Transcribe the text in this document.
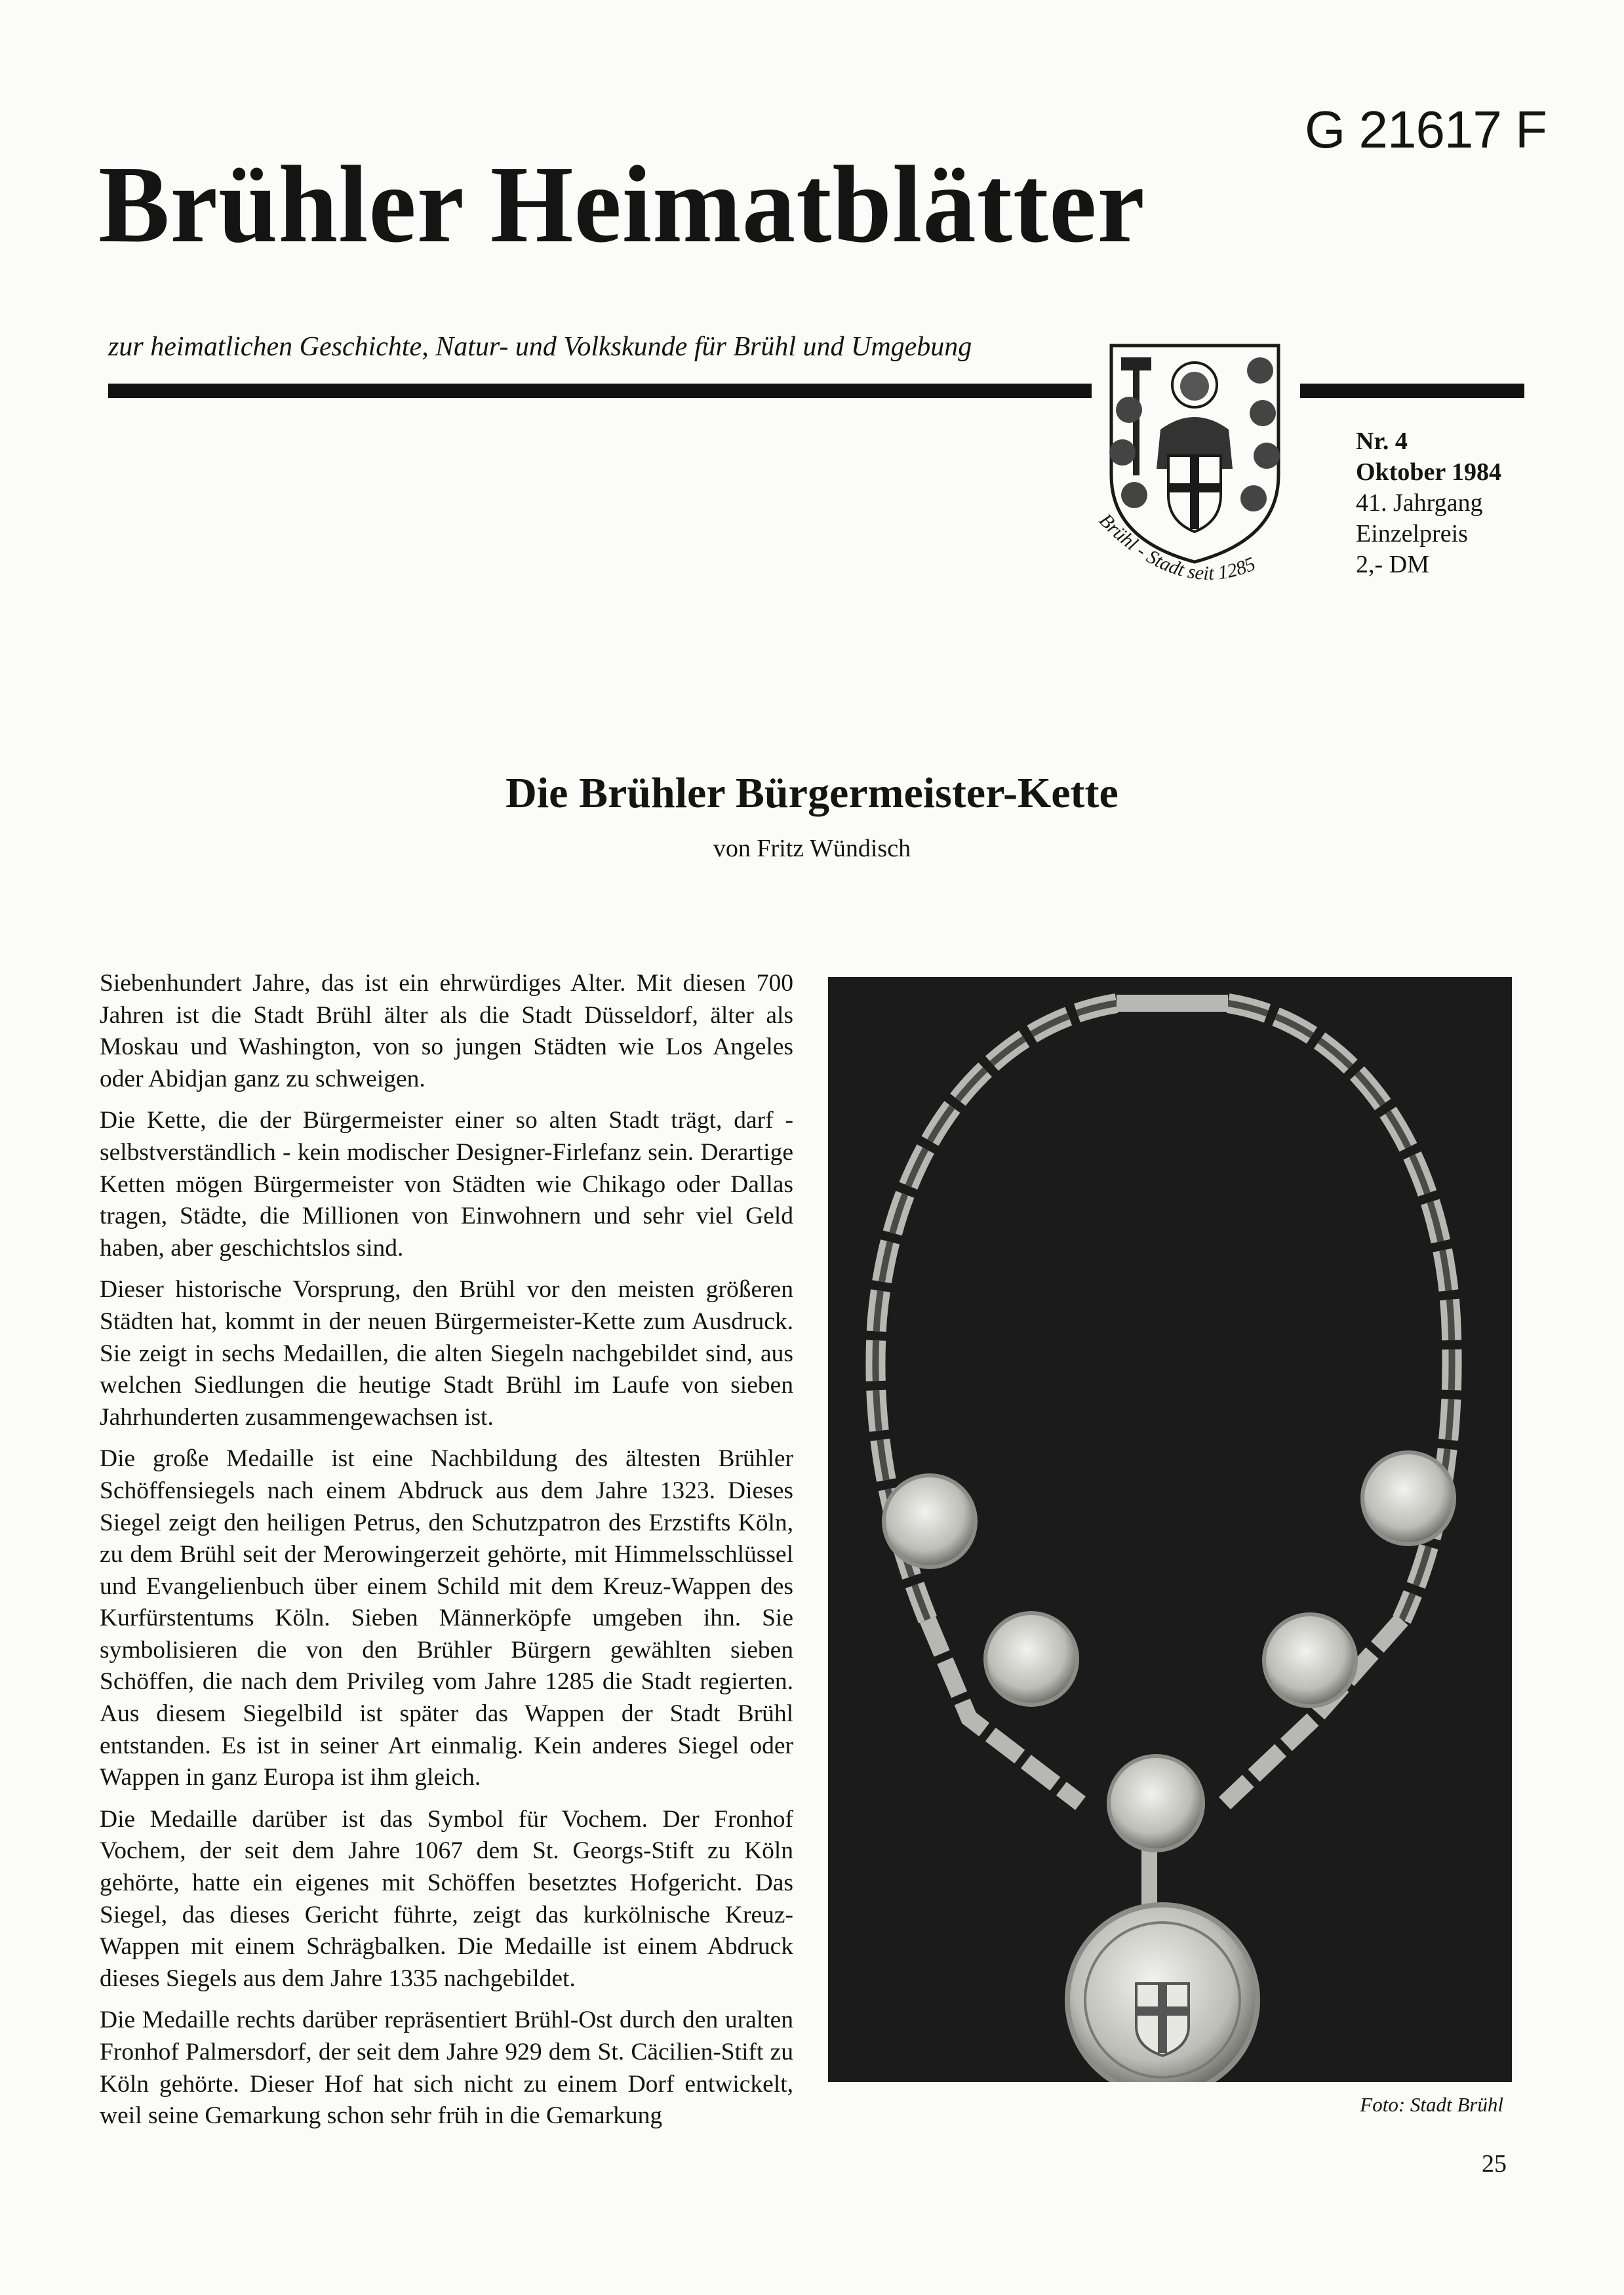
G 21617 F
Brühler Heimatblätter
zur heimatlichen Geschichte, Natur- und Volkskunde für Brühl und Umgebung
Brühl - Stadt seit 1285
Nr. 4
Oktober 1984
41. Jahrgang
Einzelpreis
2,- DM
Die Brühler Bürgermeister-Kette
von Fritz Wündisch

Siebenhundert Jahre, das ist ein ehrwürdiges Alter. Mit diesen 700 Jahren ist die Stadt Brühl älter als die Stadt Düsseldorf, älter als Moskau und Washington, von so jungen Städten wie Los Angeles oder Abidjan ganz zu schweigen.

Die Kette, die der Bürgermeister einer so alten Stadt trägt, darf - selbstverständlich - kein modischer Designer-Firlefanz sein. Derartige Ketten mögen Bürgermeister von Städten wie Chikago oder Dallas tragen, Städte, die Millionen von Einwohnern und sehr viel Geld haben, aber geschichtslos sind.

Dieser historische Vorsprung, den Brühl vor den meisten größeren Städten hat, kommt in der neuen Bürgermeister-Kette zum Ausdruck. Sie zeigt in sechs Medaillen, die alten Siegeln nachgebildet sind, aus welchen Siedlungen die heutige Stadt Brühl im Laufe von sieben Jahrhunderten zusammengewachsen ist.

Die große Medaille ist eine Nachbildung des ältesten Brühler Schöffensiegels nach einem Abdruck aus dem Jahre 1323. Dieses Siegel zeigt den heiligen Petrus, den Schutzpatron des Erzstifts Köln, zu dem Brühl seit der Merowingerzeit gehörte, mit Himmelsschlüssel und Evangelienbuch über einem Schild mit dem Kreuz-Wappen des Kurfürstentums Köln. Sieben Männerköpfe umgeben ihn. Sie symbolisieren die von den Brühler Bürgern gewählten sieben Schöffen, die nach dem Privileg vom Jahre 1285 die Stadt regierten. Aus diesem Siegelbild ist später das Wappen der Stadt Brühl entstanden. Es ist in seiner Art einmalig. Kein anderes Siegel oder Wappen in ganz Europa ist ihm gleich.

Die Medaille darüber ist das Symbol für Vochem. Der Fronhof Vochem, der seit dem Jahre 1067 dem St. Georgs-Stift zu Köln gehörte, hatte ein eigenes mit Schöffen besetztes Hofgericht. Das Siegel, das dieses Gericht führte, zeigt das kurkölnische Kreuz-Wappen mit einem Schrägbalken. Die Medaille ist einem Abdruck dieses Siegels aus dem Jahre 1335 nachgebildet.

Die Medaille rechts darüber repräsentiert Brühl-Ost durch den uralten Fronhof Palmersdorf, der seit dem Jahre 929 dem St. Cäcilien-Stift zu Köln gehörte. Dieser Hof hat sich nicht zu einem Dorf entwickelt, weil seine Gemarkung schon sehr früh in die Gemarkung	Foto: Stadt Brühl
25
